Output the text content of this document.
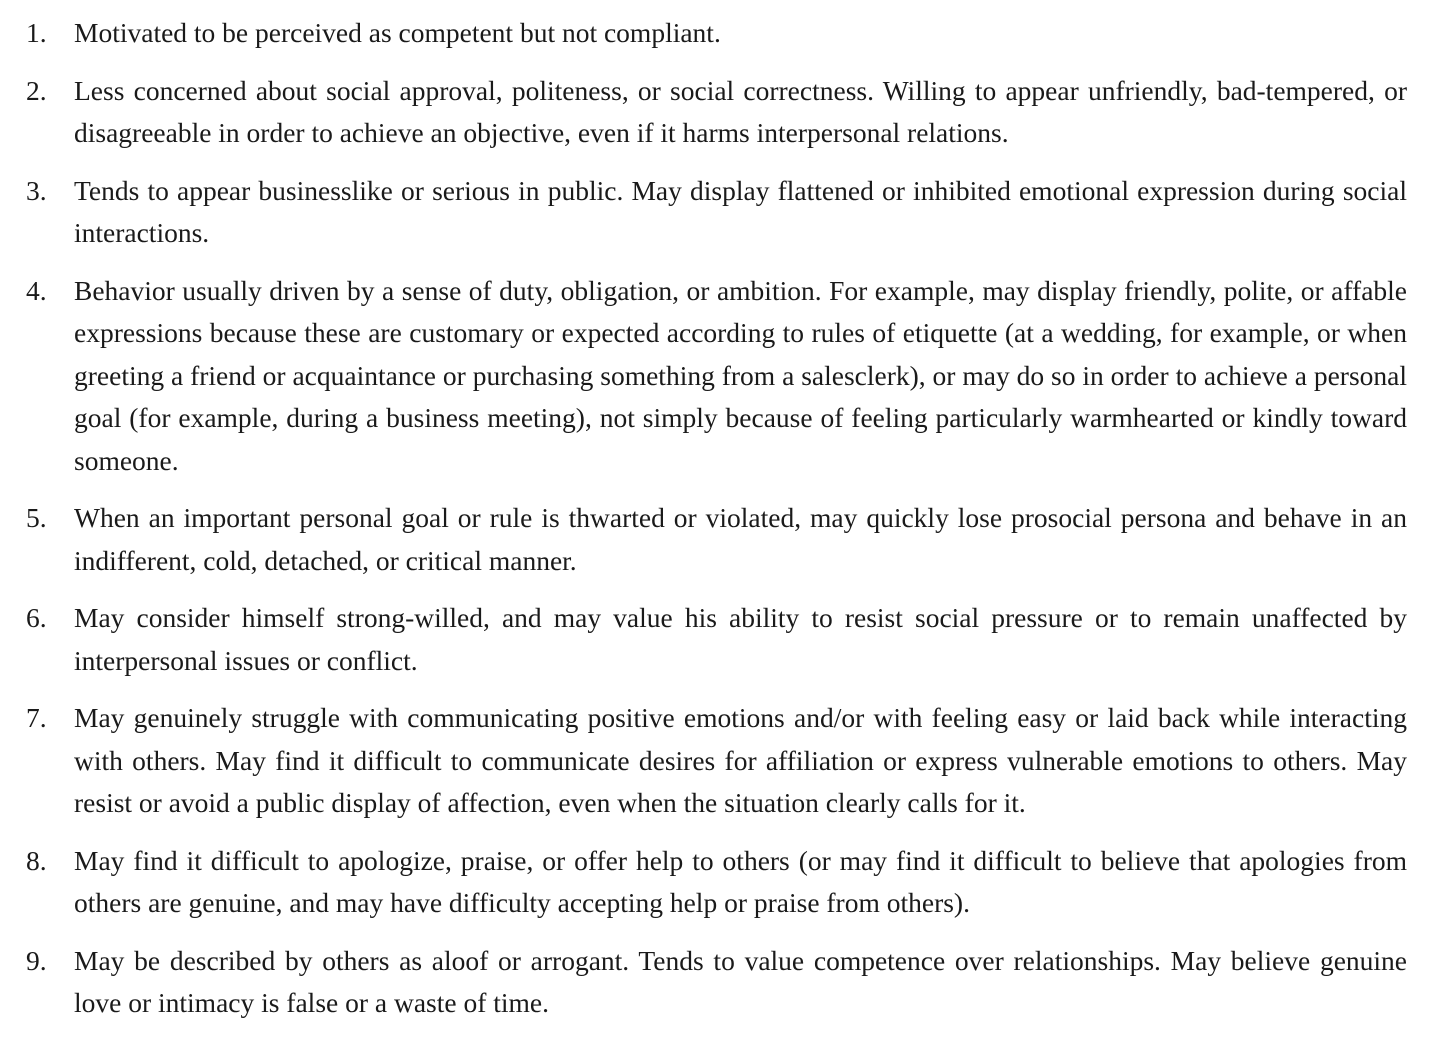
1. Motivated to be perceived as competent but not compliant.
2. Less concerned about social approval, politeness, or social correctness. Willing to appear unfriendly, bad-tempered, or disagreeable in order to achieve an objective, even if it harms interpersonal relations.
3. Tends to appear businesslike or serious in public. May display flattened or inhibited emotional expression during social interactions.
4. Behavior usually driven by a sense of duty, obligation, or ambition. For example, may display friendly, polite, or affable expressions because these are customary or expected according to rules of etiquette (at a wedding, for example, or when greeting a friend or acquaintance or purchasing something from a salesclerk), or may do so in order to achieve a personal goal (for example, during a business meeting), not simply because of feeling particularly warmhearted or kindly toward someone.
5. When an important personal goal or rule is thwarted or violated, may quickly lose prosocial persona and behave in an indifferent, cold, detached, or critical manner.
6. May consider himself strong-willed, and may value his ability to resist social pressure or to remain unaffected by interpersonal issues or conflict.
7. May genuinely struggle with communicating positive emotions and/or with feeling easy or laid back while interacting with others. May find it difficult to communicate desires for affiliation or express vulnerable emotions to others. May resist or avoid a public display of affection, even when the situation clearly calls for it.
8. May find it difficult to apologize, praise, or offer help to others (or may find it difficult to believe that apologies from others are genuine, and may have difficulty accepting help or praise from others).
9. May be described by others as aloof or arrogant. Tends to value competence over relationships. May believe genuine love or intimacy is false or a waste of time.
